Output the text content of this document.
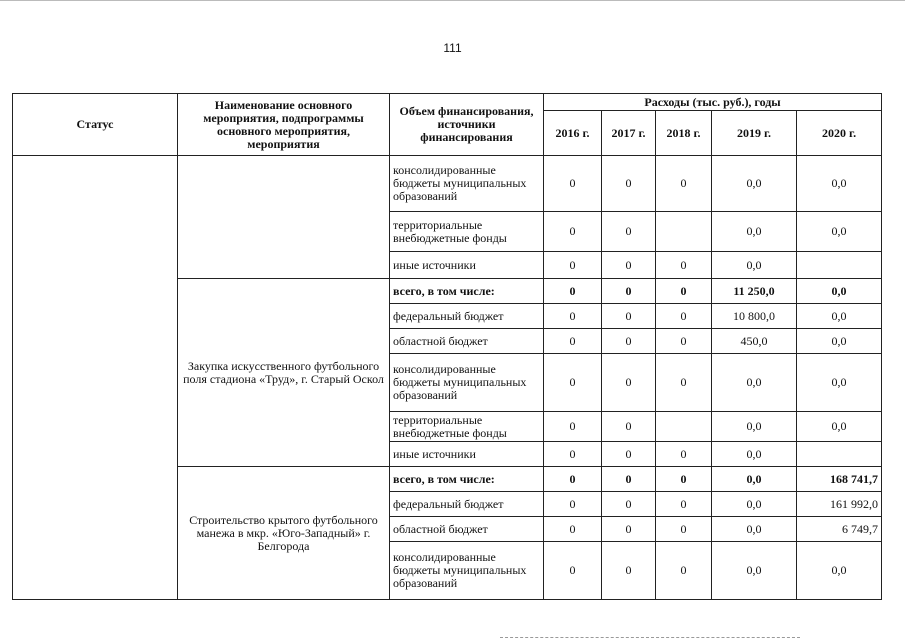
111
Статус	Наименование основного мероприятия, подпрограммы основного мероприятия, мероприятия	Объем финансирования, источники финансирования	Расходы (тыс. руб.), годы				
			2016 г.	2017 г.	2018 г.	2019 г.	2020 г.
		консолидированные бюджеты муниципальных образований	0	0	0	0,0	0,0
		территориальные внебюджетные фонды	0	0		0,0	0,0
		иные источники	0	0	0	0,0	
	Закупка искусственного футбольного поля стадиона «Труд», г. Старый Оскол	всего, в том числе:	0	0	0	11 250,0	0,0
		федеральный бюджет	0	0	0	10 800,0	0,0
		областной бюджет	0	0	0	450,0	0,0
		консолидированные бюджеты муниципальных образований	0	0	0	0,0	0,0
		территориальные внебюджетные фонды	0	0		0,0	0,0
		иные источники	0	0	0	0,0	
	Строительство крытого футбольного манежа в мкр. «Юго-Западный» г. Белгорода	всего, в том числе:	0	0	0	0,0	168 741,7
		федеральный бюджет	0	0	0	0,0	161 992,0
		областной бюджет	0	0	0	0,0	6 749,7
		консолидированные бюджеты муниципальных образований	0	0	0	0,0	0,0
